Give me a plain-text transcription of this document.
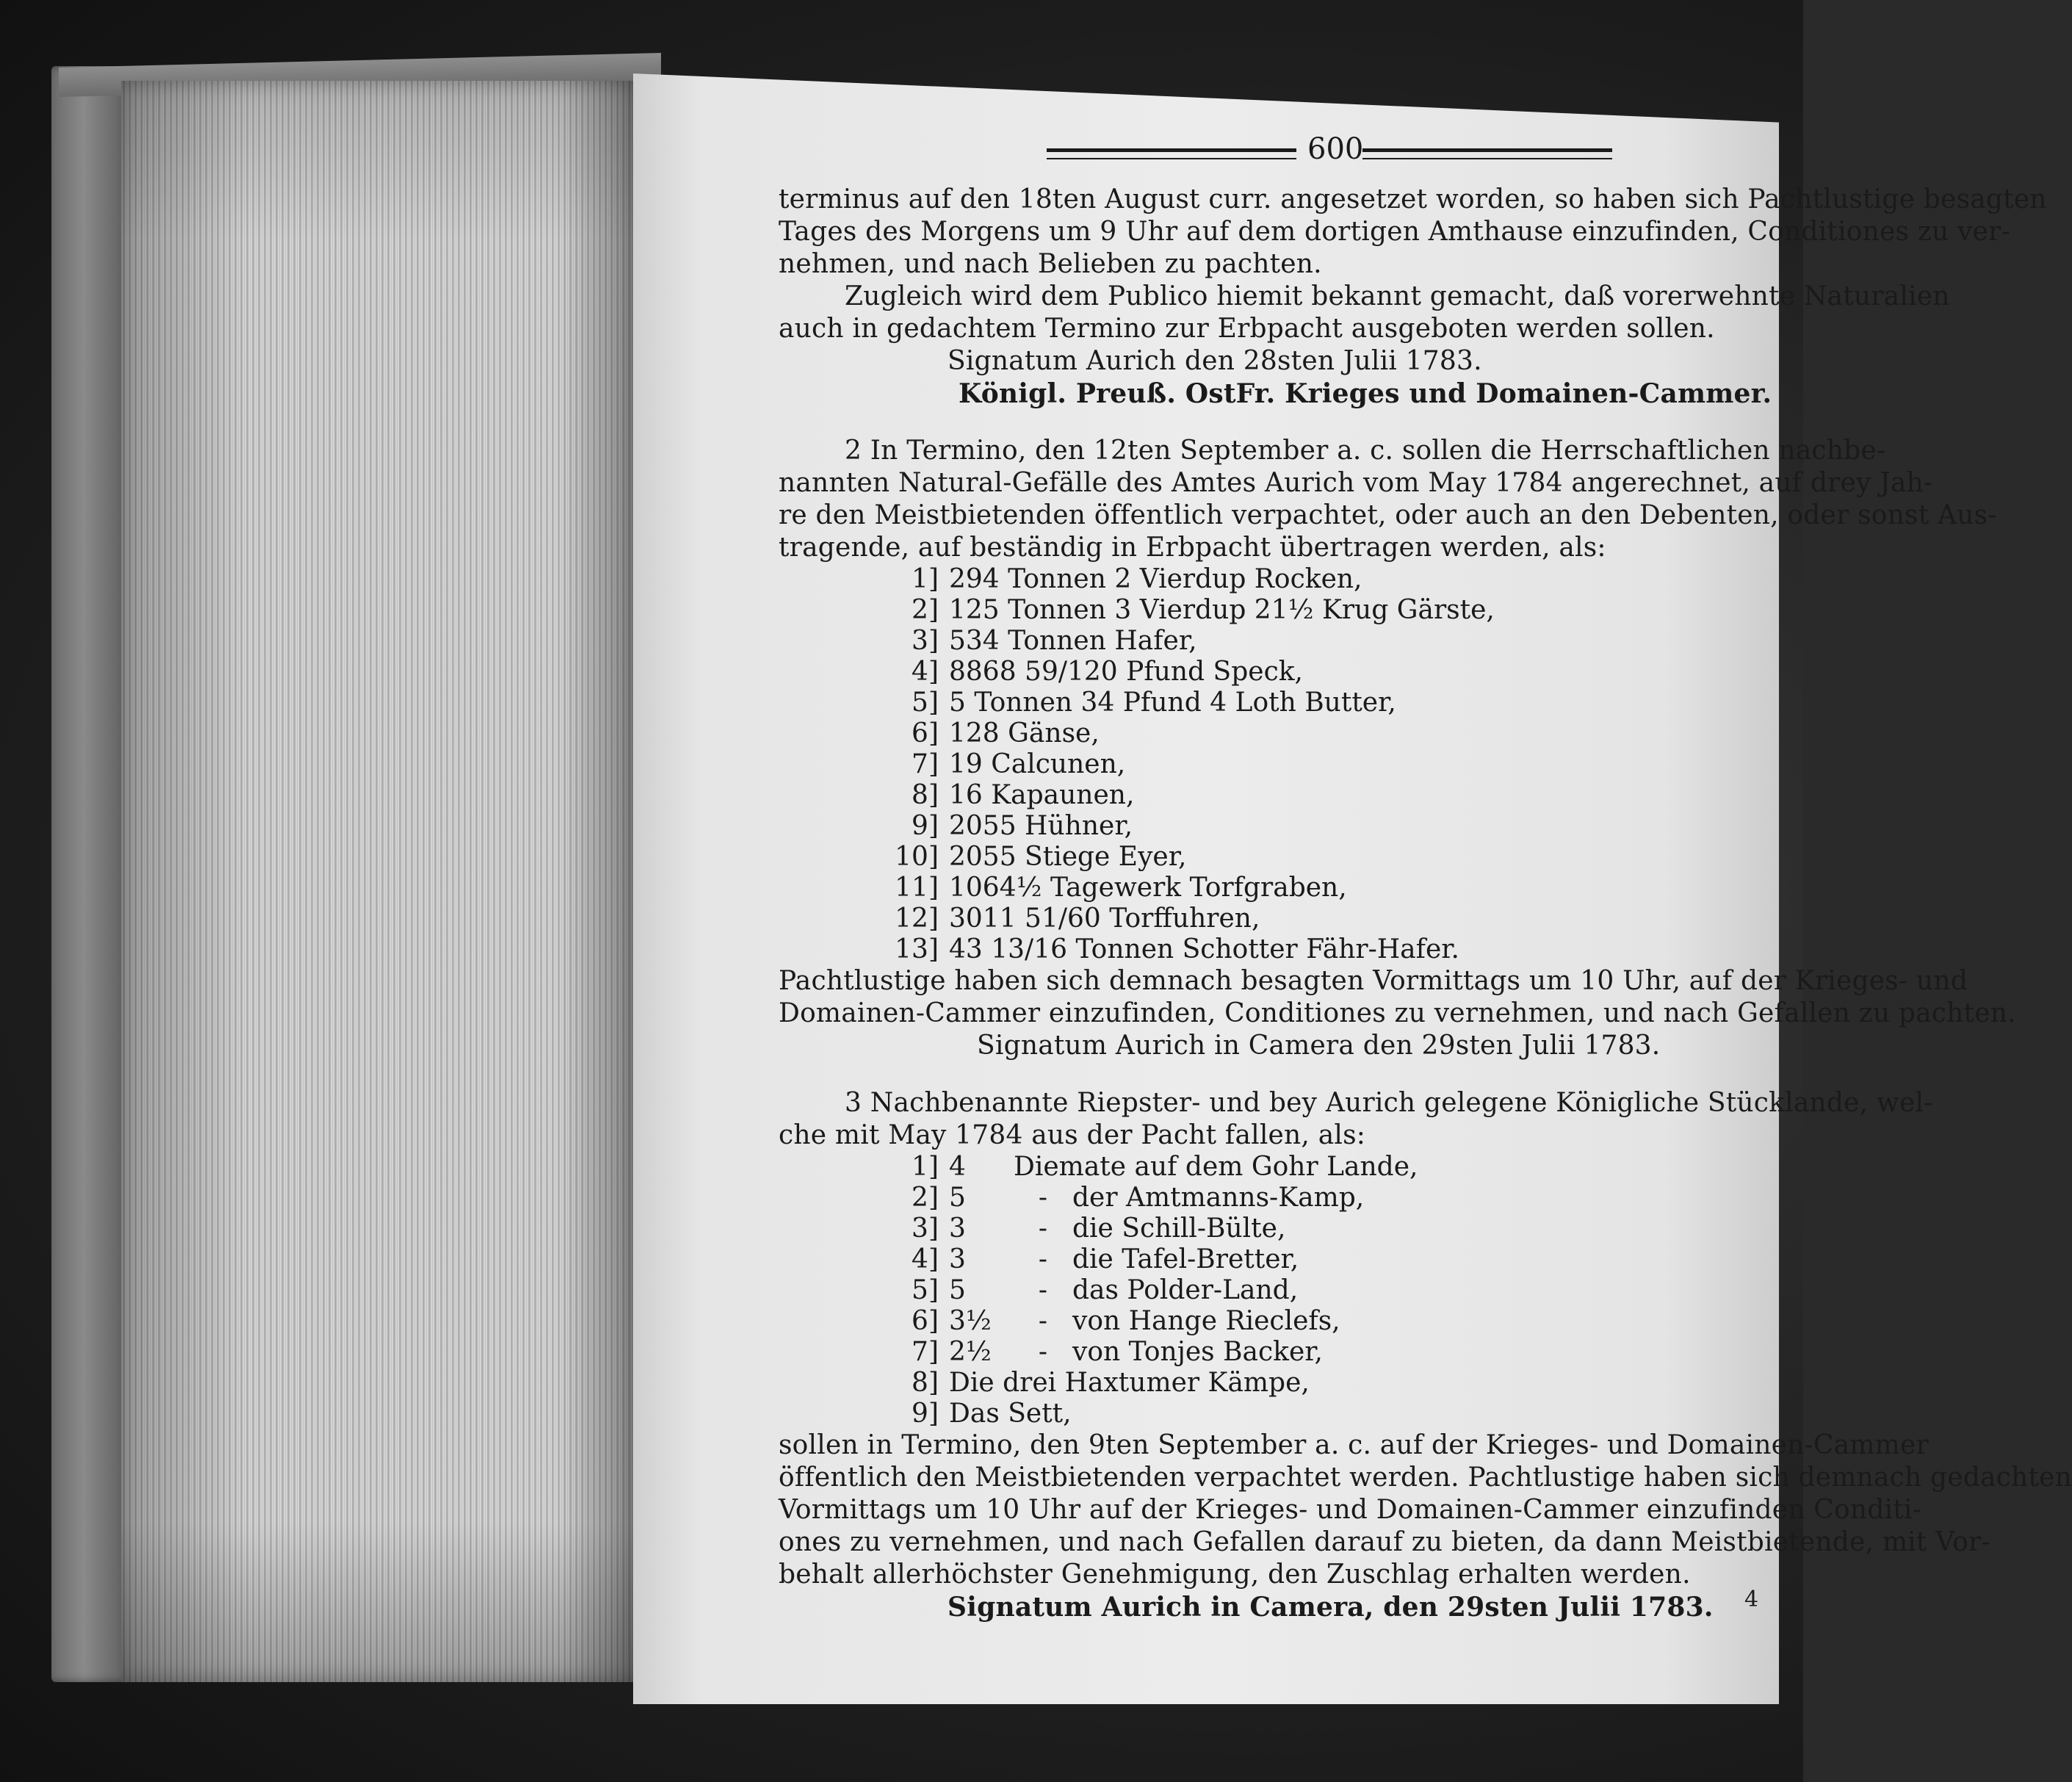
600
terminus auf den 18ten August curr. angesetzet worden, so haben sich Pachtlustige besagten
Tages des Morgens um 9 Uhr auf dem dortigen Amthause einzufinden, Conditiones zu ver-
nehmen, und nach Belieben zu pachten.
Zugleich wird dem Publico hiemit bekannt gemacht, daß vorerwehnte Naturalien
auch in gedachtem Termino zur Erbpacht ausgeboten werden sollen.
Signatum Aurich den 28sten Julii 1783.
Königl. Preuß. OstFr. Krieges und Domainen-Cammer.
2 In Termino, den 12ten September a. c. sollen die Herrschaftlichen nachbe-
nannten Natural-Gefälle des Amtes Aurich vom May 1784 angerechnet, auf drey Jah-
re den Meistbietenden öffentlich verpachtet, oder auch an den Debenten, oder sonst Aus-
tragende, auf beständig in Erbpacht übertragen werden, als:
1] 294 Tonnen 2 Vierdup Rocken,
2] 125 Tonnen 3 Vierdup 21½ Krug Gärste,
3] 534 Tonnen Hafer,
4] 8868 59/120 Pfund Speck,
5] 5 Tonnen 34 Pfund 4 Loth Butter,
6] 128 Gänse,
7] 19 Calcunen,
8] 16 Kapaunen,
9] 2055 Hühner,
10] 2055 Stiege Eyer,
11] 1064½ Tagewerk Torfgraben,
12] 3011 51/60 Torffuhren,
13] 43 13/16 Tonnen Schotter Fähr-Hafer.
Pachtlustige haben sich demnach besagten Vormittags um 10 Uhr, auf der Krieges- und
Domainen-Cammer einzufinden, Conditiones zu vernehmen, und nach Gefallen zu pachten.
Signatum Aurich in Camera den 29sten Julii 1783.
3 Nachbenannte Riepster- und bey Aurich gelegene Königliche Stücklande, wel-
che mit May 1784 aus der Pacht fallen, als:
1] 4 Diemate auf dem Gohr Lande,
2] 5	- der Amtmanns-Kamp,
3] 3	- die Schill-Bülte,
4] 3	- die Tafel-Bretter,
5] 5	- das Polder-Land,
6] 3½ - von Hange Rieclefs,
7] 2½ - von Tonjes Backer,
8] Die drei Haxtumer Kämpe,
9] Das Sett,
sollen in Termino, den 9ten September a. c. auf der Krieges- und Domainen-Cammer
öffentlich den Meistbietenden verpachtet werden. Pachtlustige haben sich demnach gedachten
Vormittags um 10 Uhr auf der Krieges- und Domainen-Cammer einzufinden Conditi-
ones zu vernehmen, und nach Gefallen darauf zu bieten, da dann Meistbietende, mit Vor-
behalt allerhöchster Genehmigung, den Zuschlag erhalten werden.
Signatum Aurich in Camera, den 29sten Julii 1783.	4
